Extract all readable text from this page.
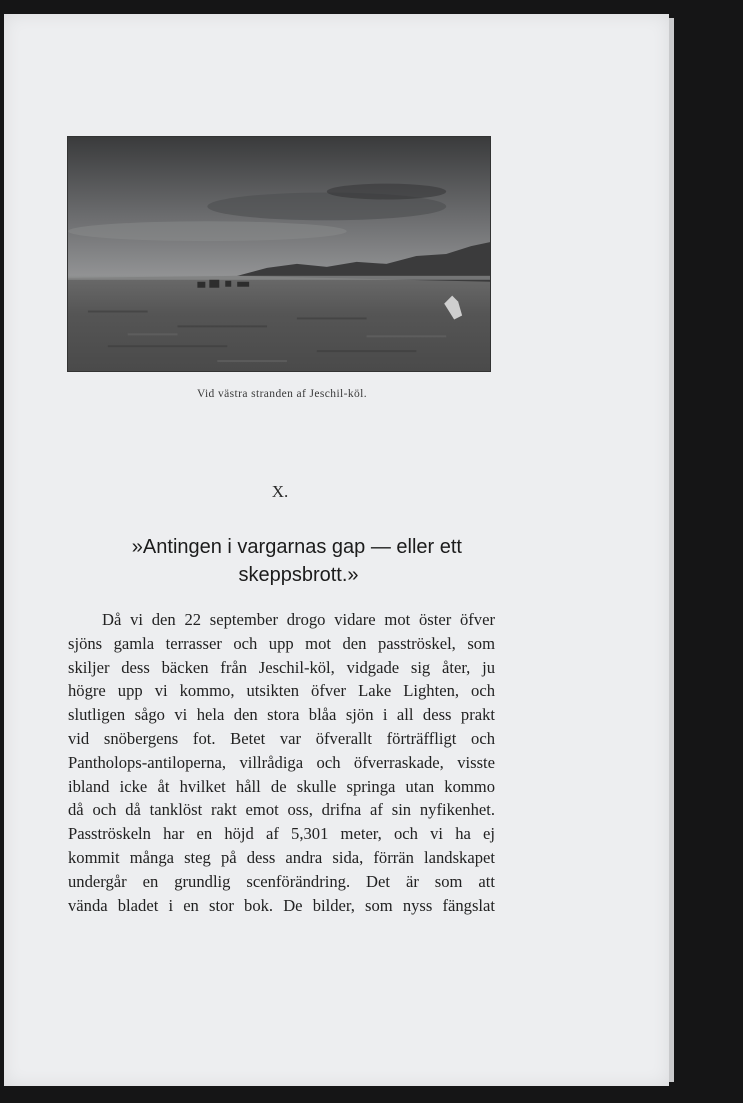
Vid västra stranden af Jeschil-köl.
X.
»Antingen i vargarnas gap — eller ett
skeppsbrott.»
Då vi den 22 september drogo vidare mot öster öfver
sjöns gamla terrasser och upp mot den pasströskel, som
skiljer dess bäcken från Jeschil-köl, vidgade sig åter, ju
högre upp vi kommo, utsikten öfver Lake Lighten, och
slutligen sågo vi hela den stora blåa sjön i all dess prakt
vid snöbergens fot. Betet var öfverallt förträffligt och
Pantholops-antiloperna, villrådiga och öfverraskade, visste
ibland icke åt hvilket håll de skulle springa utan kommo
då och då tanklöst rakt emot oss, drifna af sin nyfikenhet.
Pasströskeln har en höjd af 5,301 meter, och vi ha ej
kommit många steg på dess andra sida, förrän landskapet
undergår en grundlig scenförändring. Det är som att
vända bladet i en stor bok. De bilder, som nyss fängslat
